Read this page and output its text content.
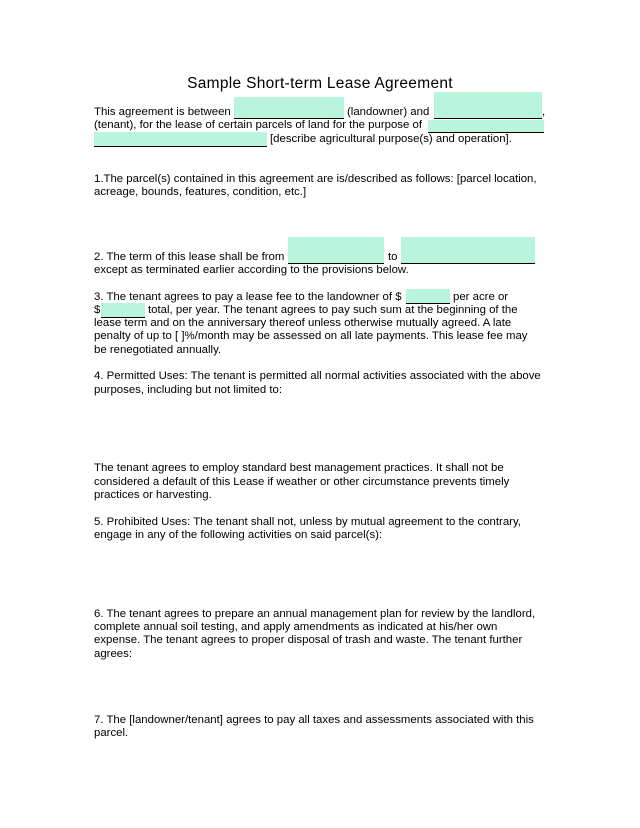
Sample Short-term Lease Agreement
This agreement is between	(landowner) and	,
(tenant), for the lease of certain parcels of land for the purpose of
[describe agricultural purpose(s) and operation].
1.The parcel(s) contained in this agreement are is/described as follows: [parcel location,
acreage, bounds, features, condition, etc.]
2. The term of this lease shall be from	to
except as terminated earlier according to the provisions below.
3. The tenant agrees to pay a lease fee to the landowner of $	per acre or
$	total, per year. The tenant agrees to pay such sum at the beginning of the
lease term and on the anniversary thereof unless otherwise mutually agreed. A late
penalty of up to [ ]%/month may be assessed on all late payments. This lease fee may
be renegotiated annually.
4. Permitted Uses: The tenant is permitted all normal activities associated with the above
purposes, including but not limited to:
The tenant agrees to employ standard best management practices. It shall not be
considered a default of this Lease if weather or other circumstance prevents timely
practices or harvesting.
5. Prohibited Uses: The tenant shall not, unless by mutual agreement to the contrary,
engage in any of the following activities on said parcel(s):
6. The tenant agrees to prepare an annual management plan for review by the landlord,
complete annual soil testing, and apply amendments as indicated at his/her own
expense. The tenant agrees to proper disposal of trash and waste. The tenant further
agrees:
7. The [landowner/tenant] agrees to pay all taxes and assessments associated with this
parcel.
